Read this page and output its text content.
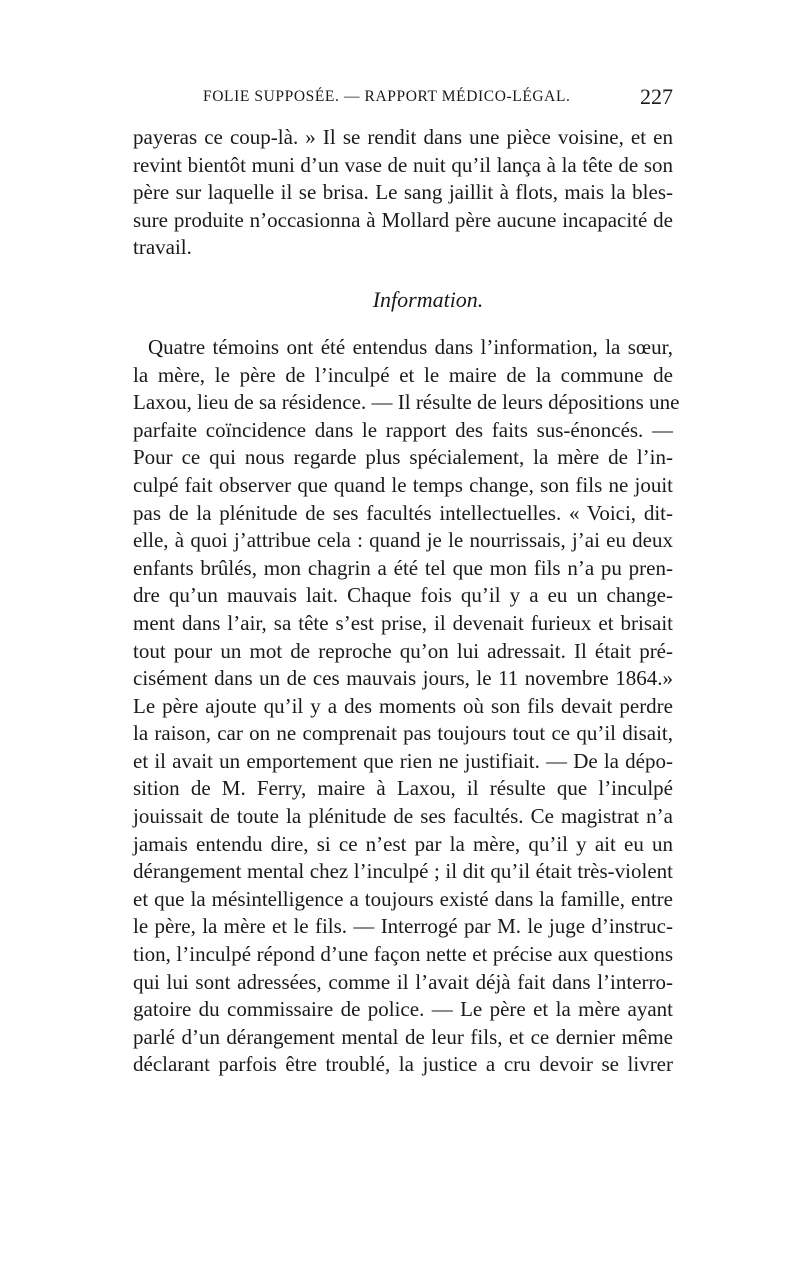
FOLIE SUPPOSÉE. — RAPPORT MÉDICO-LÉGAL.	227
payeras ce coup-là. » Il se rendit dans une pièce voisine, et en
revint bientôt muni d’un vase de nuit qu’il lança à la tête de son
père sur laquelle il se brisa. Le sang jaillit à flots, mais la bles-
sure produite n’occasionna à Mollard père aucune incapacité de
travail.
Information.
Quatre témoins ont été entendus dans l’information, la sœur,
la mère, le père de l’inculpé et le maire de la commune de
Laxou, lieu de sa résidence. — Il résulte de leurs dépositions une
parfaite coïncidence dans le rapport des faits sus-énoncés. —
Pour ce qui nous regarde plus spécialement, la mère de l’in-
culpé fait observer que quand le temps change, son fils ne jouit
pas de la plénitude de ses facultés intellectuelles. « Voici, dit-
elle, à quoi j’attribue cela : quand je le nourrissais, j’ai eu deux
enfants brûlés, mon chagrin a été tel que mon fils n’a pu pren-
dre qu’un mauvais lait. Chaque fois qu’il y a eu un change-
ment dans l’air, sa tête s’est prise, il devenait furieux et brisait
tout pour un mot de reproche qu’on lui adressait. Il était pré-
cisément dans un de ces mauvais jours, le 11 novembre 1864.»
Le père ajoute qu’il y a des moments où son fils devait perdre
la raison, car on ne comprenait pas toujours tout ce qu’il disait,
et il avait un emportement que rien ne justifiait. — De la dépo-
sition de M. Ferry, maire à Laxou, il résulte que l’inculpé
jouissait de toute la plénitude de ses facultés. Ce magistrat n’a
jamais entendu dire, si ce n’est par la mère, qu’il y ait eu un
dérangement mental chez l’inculpé ; il dit qu’il était très-violent
et que la mésintelligence a toujours existé dans la famille, entre
le père, la mère et le fils. — Interrogé par M. le juge d’instruc-
tion, l’inculpé répond d’une façon nette et précise aux questions
qui lui sont adressées, comme il l’avait déjà fait dans l’interro-
gatoire du commissaire de police. — Le père et la mère ayant
parlé d’un dérangement mental de leur fils, et ce dernier même
déclarant parfois être troublé, la justice a cru devoir se livrer
